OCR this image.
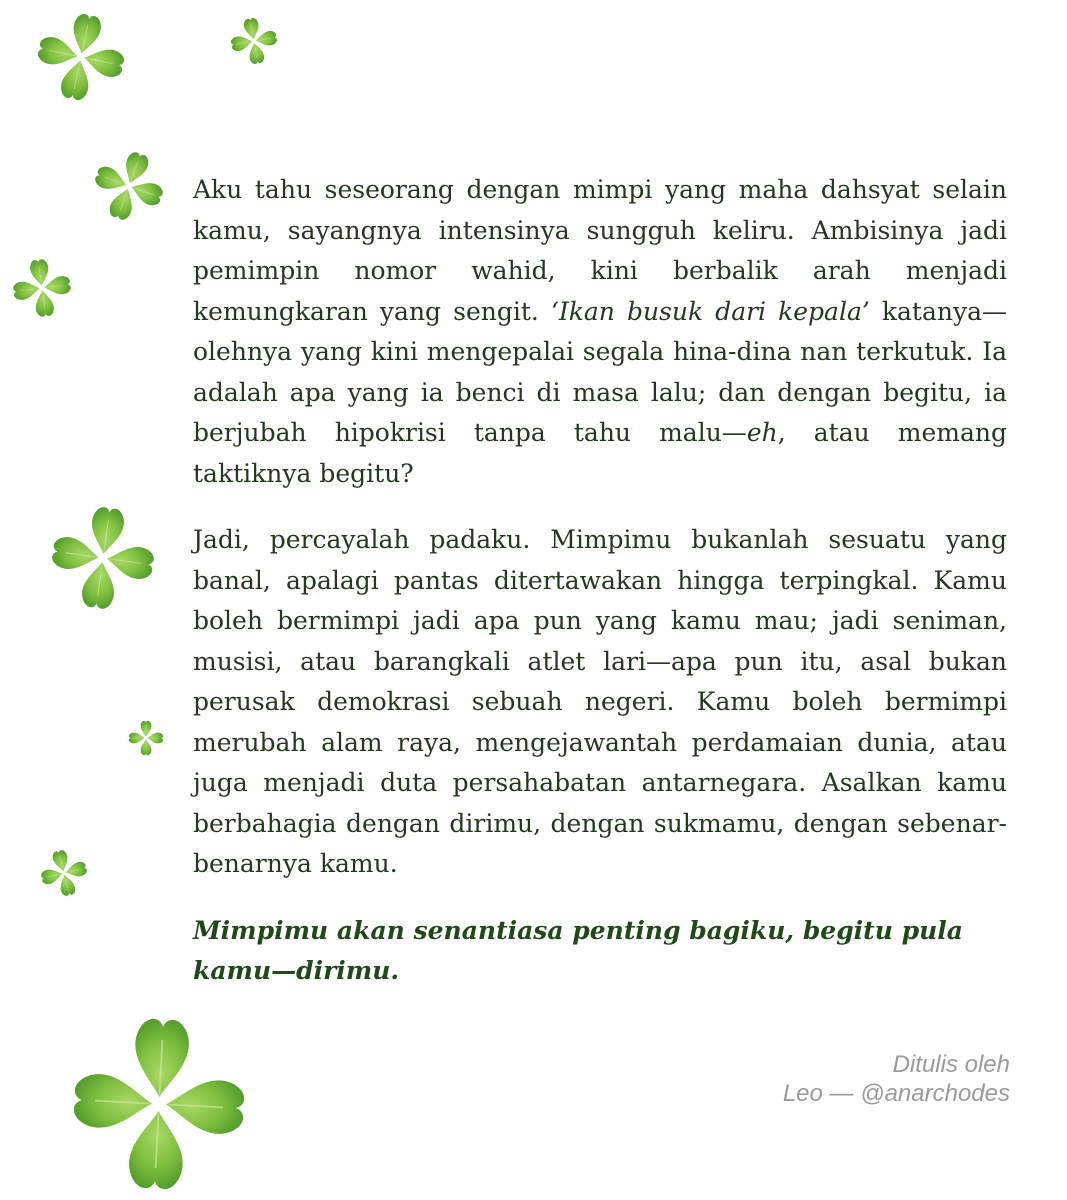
Aku tahu seseorang dengan mimpi yang maha dahsyat selain kamu, sayangnya intensinya sungguh keliru. Ambisinya jadi pemimpin nomor wahid, kini berbalik arah menjadi kemungkaran yang sengit. ‘Ikan busuk dari kepala’ katanya—olehnya yang kini mengepalai segala hina-dina nan terkutuk. Ia adalah apa yang ia benci di masa lalu; dan dengan begitu, ia berjubah hipokrisi tanpa tahu malu—eh, atau memang taktiknya begitu?

Jadi, percayalah padaku. Mimpimu bukanlah sesuatu yang banal, apalagi pantas ditertawakan hingga terpingkal. Kamu boleh bermimpi jadi apa pun yang kamu mau; jadi seniman, musisi, atau barangkali atlet lari—apa pun itu, asal bukan perusak demokrasi sebuah negeri. Kamu boleh bermimpi merubah alam raya, mengejawantah perdamaian dunia, atau juga menjadi duta persahabatan antarnegara. Asalkan kamu berbahagia dengan dirimu, dengan sukmamu, dengan sebenar-benarnya kamu.

Mimpimu akan senantiasa penting bagiku, begitu pula kamu—dirimu.

Ditulis oleh
Leo — @anarchodes
